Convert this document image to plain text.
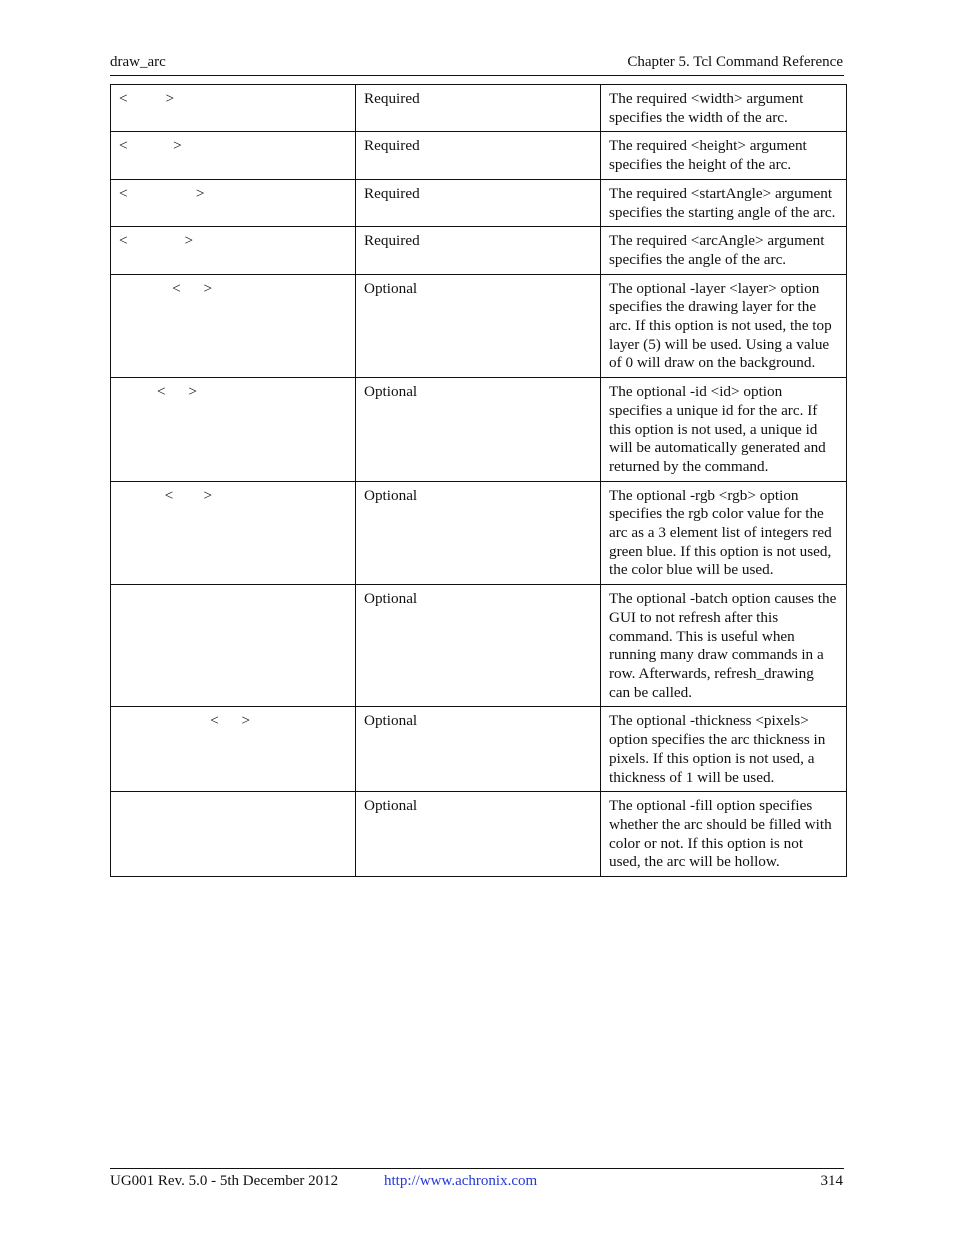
draw_arc	Chapter 5. Tcl Command Reference
<          >	Required	The required <width> argument specifies the width of the arc.
<            >	Required	The required <height> argument specifies the height of the arc.
<                  >	Required	The required <startAngle> argument specifies the starting angle of the arc.
<               >	Required	The required <arcAngle> argument specifies the angle of the arc.
<      >	Optional	The optional -layer <layer> option specifies the drawing layer for the arc. If this option is not used, the top layer (5) will be used. Using a value of 0 will draw on the background.
<      >	Optional	The optional -id <id> option specifies a unique id for the arc. If this option is not used, a unique id will be automatically generated and returned by the command.
<        >	Optional	The optional -rgb <rgb> option specifies the rgb color value for the arc as a 3 element list of integers red green blue. If this option is not used, the color blue will be used.
	Optional	The optional -batch option causes the GUI to not refresh after this command. This is useful when running many draw commands in a row. Afterwards, refresh_drawing can be called.
<      >	Optional	The optional -thickness <pixels> option specifies the arc thickness in pixels. If this option is not used, a thickness of 1 will be used.
	Optional	The optional -fill option specifies whether the arc should be filled with color or not. If this option is not used, the arc will be hollow.
UG001 Rev. 5.0 - 5th December 2012	http://www.achronix.com	314
